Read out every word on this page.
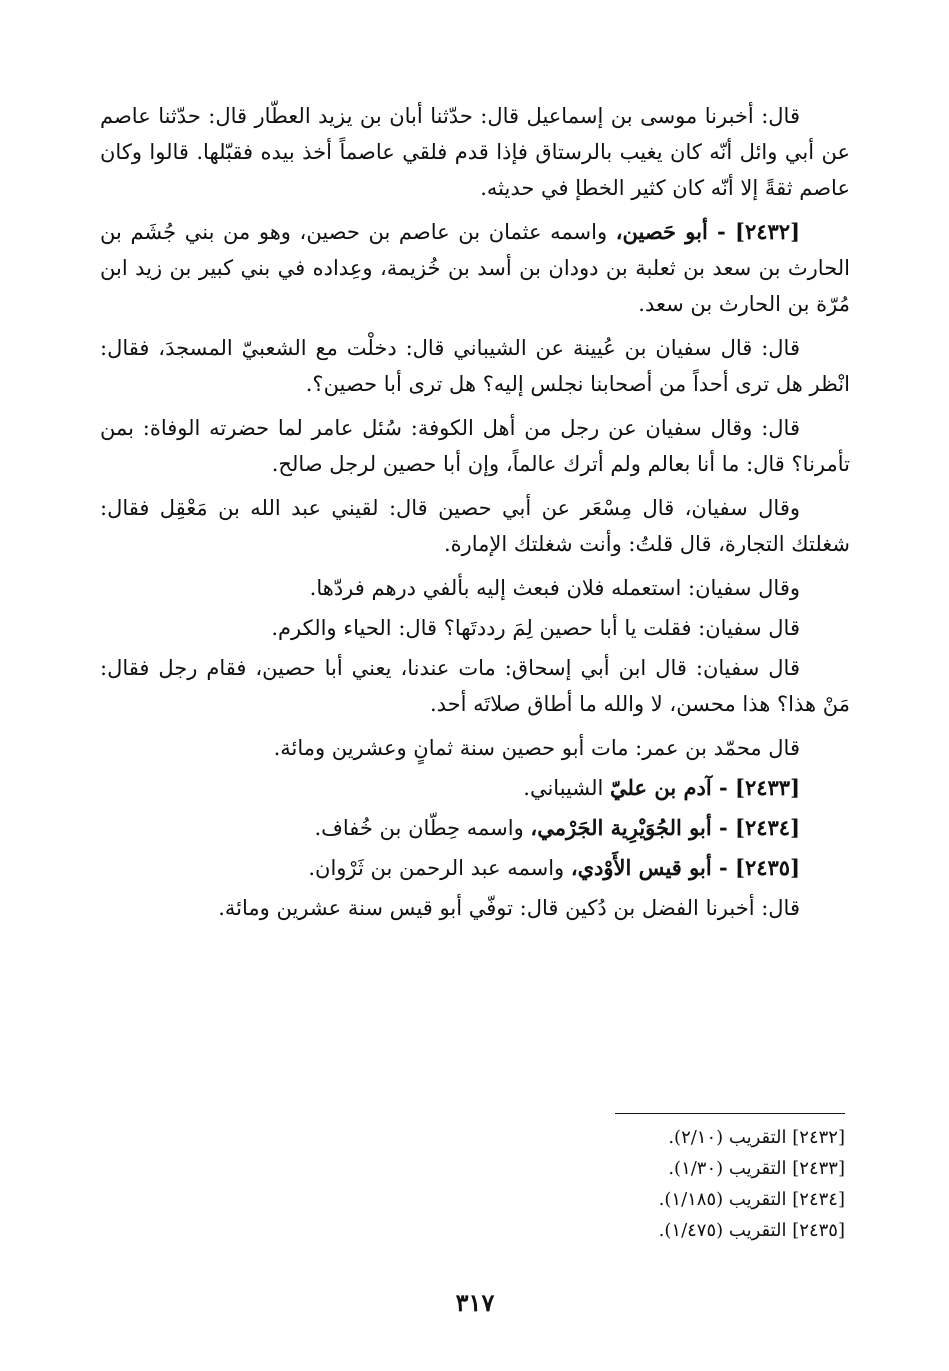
قال: أخبرنا موسى بن إسماعيل قال: حدّثنا أبان بن يزيد العطّار قال: حدّثنا عاصم عن أبي وائل أنّه كان يغيب بالرستاق فإذا قدم فلقي عاصماً أخذ بيده فقبّلها. قالوا وكان عاصم ثقةً إلا أنّه كان كثير الخطإ في حديثه.

[٢٤٣٢] - أبو حَصين، واسمه عثمان بن عاصم بن حصين، وهو من بني جُشَم بن الحارث بن سعد بن ثعلبة بن دودان بن أسد بن خُزيمة، وعِداده في بني كبير بن زيد ابن مُرّة بن الحارث بن سعد.

قال: قال سفيان بن عُيينة عن الشيباني قال: دخلْت مع الشعبيّ المسجدَ، فقال: انْظر هل ترى أحداً من أصحابنا نجلس إليه؟ هل ترى أبا حصين؟.

قال: وقال سفيان عن رجل من أهل الكوفة: سُئل عامر لما حضرته الوفاة: بمن تأمرنا؟ قال: ما أنا بعالم ولم أترك عالماً، وإن أبا حصين لرجل صالح.

وقال سفيان، قال مِسْعَر عن أبي حصين قال: لقيني عبد الله بن مَعْقِل فقال: شغلتك التجارة، قال قلتُ: وأنت شغلتك الإمارة.

وقال سفيان: استعمله فلان فبعث إليه بألفي درهم فردّها.

قال سفيان: فقلت يا أبا حصين لِمَ رددتَها؟ قال: الحياء والكرم.

قال سفيان: قال ابن أبي إسحاق: مات عندنا، يعني أبا حصين، فقام رجل فقال: مَنْ هذا؟ هذا محسن، لا والله ما أطاق صلاتَه أحد.

قال محمّد بن عمر: مات أبو حصين سنة ثمانٍ وعشرين ومائة.

[٢٤٣٣] - آدم بن عليّ الشيباني.

[٢٤٣٤] - أبو الجُوَيْرِية الجَرْمي، واسمه حِطّان بن خُفاف.

[٢٤٣٥] - أبو قيس الأَوْدي، واسمه عبد الرحمن بن ثَرْوان.

قال: أخبرنا الفضل بن دُكين قال: توفّي أبو قيس سنة عشرين ومائة.

[٢٤٣٢] التقريب (٢/١٠).

[٢٤٣٣] التقريب (١/٣٠).

[٢٤٣٤] التقريب (١/١٨٥).

[٢٤٣٥] التقريب (١/٤٧٥).

٣١٧
